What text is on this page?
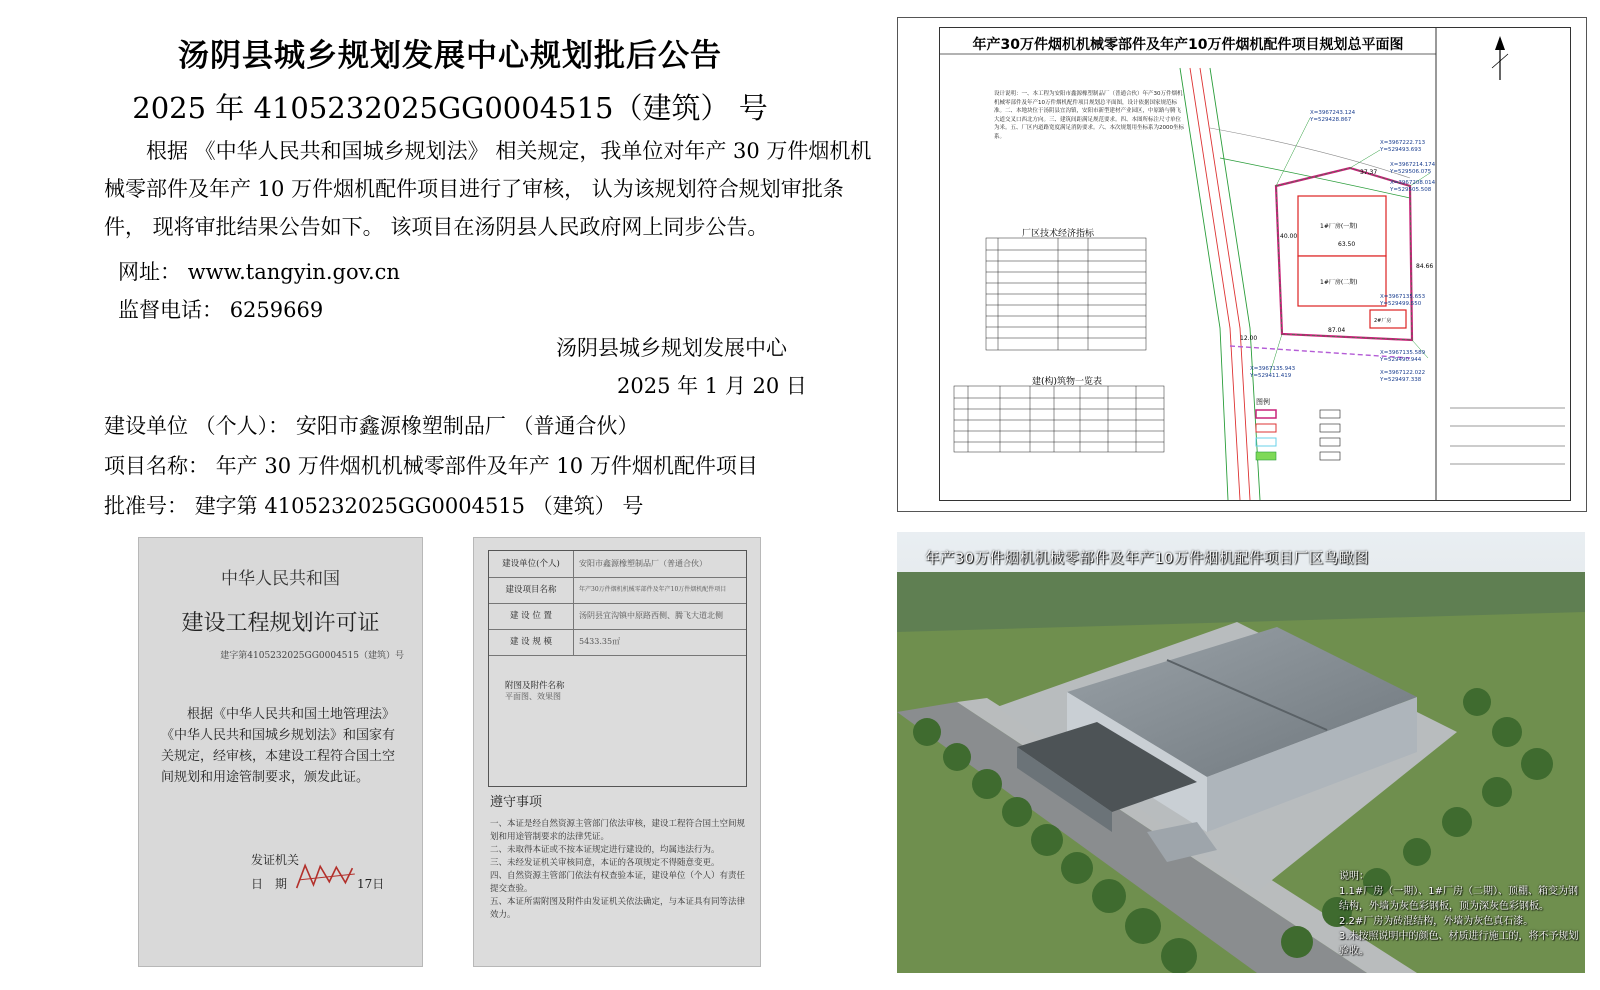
汤阴县城乡规划发展中心规划批后公告
2025 年 4105232025GG0004515（建筑） 号

根据 《中华人民共和国城乡规划法》 相关规定，我单位对年产 30 万件烟机机械零部件及年产 10 万件烟机配件项目进行了审核， 认为该规划符合规划审批条件， 现将审批结果公告如下。 该项目在汤阴县人民政府网上同步公告。

网址： www.tangyin.gov.cn
监督电话： 6259669
汤阴县城乡规划发展中心
2025 年 1 月 20 日
建设单位 （个人）： 安阳市鑫源橡塑制品厂 （普通合伙）
项目名称： 年产 30 万件烟机机械零部件及年产 10 万件烟机配件项目
批准号： 建字第 4105232025GG0004515 （建筑） 号
中华人民共和国
建设工程规划许可证
建字第4105232025GG0004515（建筑）号

根据《中华人民共和国土地管理法》《中华人民共和国城乡规划法》和国家有关规定，经审核，本建设工程符合国土空间规划和用途管制要求，颁发此证。

发证机关
日　期	17日
建设单位(个人)	安阳市鑫源橡塑制品厂（普通合伙）
建设项目名称	年产30万件烟机机械零部件及年产10万件烟机配件项目
建 设 位 置	汤阴县宜沟镇中原路西侧、腾飞大道北侧
建 设 规 模	5433.35㎡
附图及附件名称
平面图、效果图
遵守事项
一、本证是经自然资源主管部门依法审核，建设工程符合国土空间规划和用途管制要求的法律凭证。
二、未取得本证或不按本证规定进行建设的，均属违法行为。
三、未经发证机关审核同意，本证的各项规定不得随意变更。
四、自然资源主管部门依法有权查验本证，建设单位（个人）有责任提交查验。
五、本证所需附图及附件由发证机关依法确定，与本证具有同等法律效力。
图例
1#厂房(一期)
1#厂房(二期)
2#厂房
63.50
87.04
40.00
84.66
37.37
12.00
X=3967243.124
Y=529428.867
X=3967222.713
Y=529493.693
X=3967214.174
Y=529506.075
X=3967208.014
Y=529505.508
X=3967135.653
Y=529499.550
X=3967135.589
Y=529490.944
X=3967135.943
Y=529411.419	X=3967122.022
Y=529497.338
年产30万件烟机机械零部件及年产10万件烟机配件项目规划总平面图

设计说明：一、本工程为安阳市鑫源橡塑制品厂（普通合伙）年产30万件烟机机械零部件及年产10万件烟机配件项目规划总平面图，设计依据国家规范标准。二、本地块位于汤阴县宜沟镇，安阳市新型建材产业园区，中原路与腾飞大道交叉口西北方向。三、建筑间距满足规范要求。四、本图所标注尺寸单位为米。五、厂区内道路宽度满足消防要求。六、本次规划用坐标系为2000坐标系。

厂区技术经济指标
建(构)筑物一览表
年产30万件烟机机械零部件及年产10万件烟机配件项目厂区鸟瞰图
说明：
1.1#厂房（一期）、1#厂房（二期）、顶棚、箱变为钢结构，外墙为灰色彩钢板，顶为深灰色彩钢板。
2.2#厂房为砖混结构，外墙为灰色真石漆。
3.未按照说明中的颜色、材质进行施工的，将不予规划验收。
